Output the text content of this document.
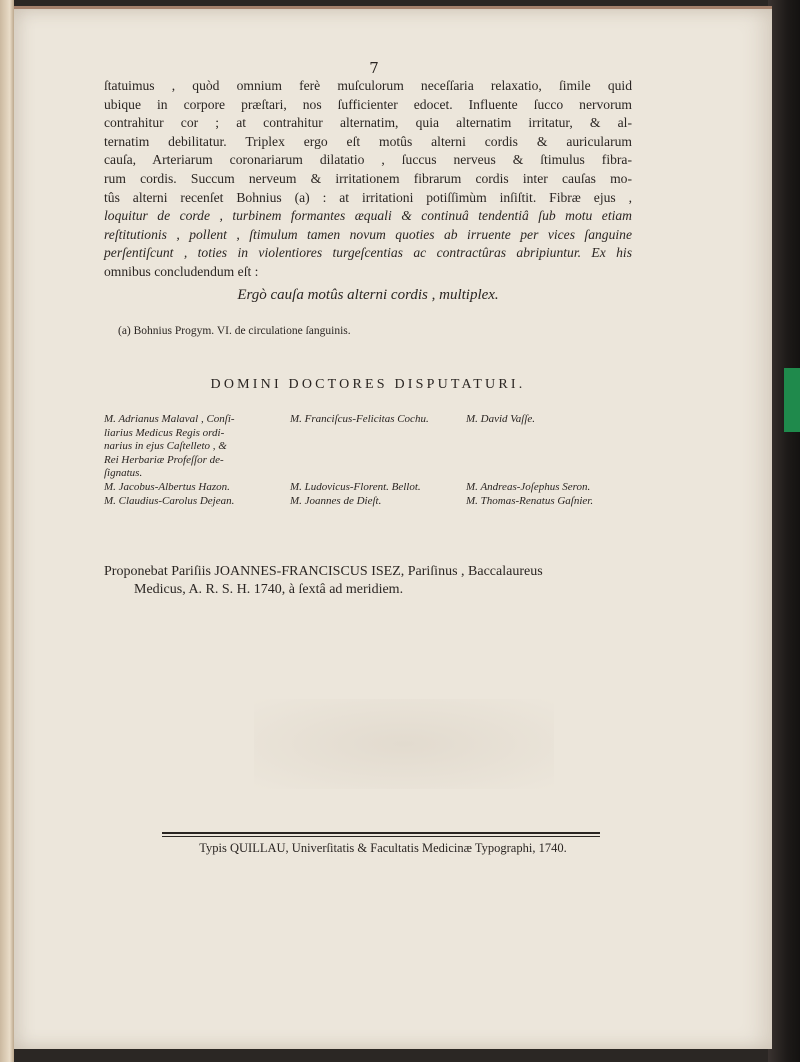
7
ſtatuimus , quòd omnium ferè muſculorum neceſſaria relaxatio, ſimile quid
ubique in corpore præſtari, nos ſufficienter edocet. Influente ſucco nervorum
contrahitur cor ; at contrahitur alternatim, quia alternatim irritatur, & al-
ternatim debilitatur. Triplex ergo eſt motûs alterni cordis & auricularum
cauſa, Arteriarum coronariarum dilatatio , ſuccus nerveus & ſtimulus fibra-
rum cordis. Succum nerveum & irritationem fibrarum cordis inter cauſas mo-
tûs alterni recenſet Bohnius (a) : at irritationi potiſſimùm inſiſtit. Fibræ ejus ,
loquitur de corde , turbinem formantes æquali & continuâ tendentiâ ſub motu etiam
reſtitutionis , pollent , ſtimulum tamen novum quoties ab irruente per vices ſanguine
perſentiſcunt , toties in violentiores turgeſcentias ac contractûras abripiuntur. Ex his
omnibus concludendum eſt :
Ergò cauſa motûs alterni cordis , multiplex.
(a) Bohnius Progym. VI. de circulatione ſanguinis.
DOMINI DOCTORES DISPUTATURI.
M. Adrianus Malaval , Conſi-
liarius Medicus Regis ordi-
narius in ejus Caſtelleto , &
Rei Herbariæ Profeſſor de-
ſignatus.
M. Jacobus-Albertus Hazon.
M. Claudius-Carolus Dejean.
M. Franciſcus-Felicitas Cochu.

M. Ludovicus-Florent. Bellot.
M. Joannes de Dieſt.
M. David Vaſſe.

M. Andreas-Joſephus Seron.
M. Thomas-Renatus Gaſnier.
Proponebat Pariſiis JOANNES-FRANCISCUS ISEZ, Pariſinus , Baccalaureus
Medicus, A. R. S. H. 1740, à ſextâ ad meridiem.
Typis QUILLAU, Univerſitatis & Facultatis Medicinæ Typographi, 1740.
